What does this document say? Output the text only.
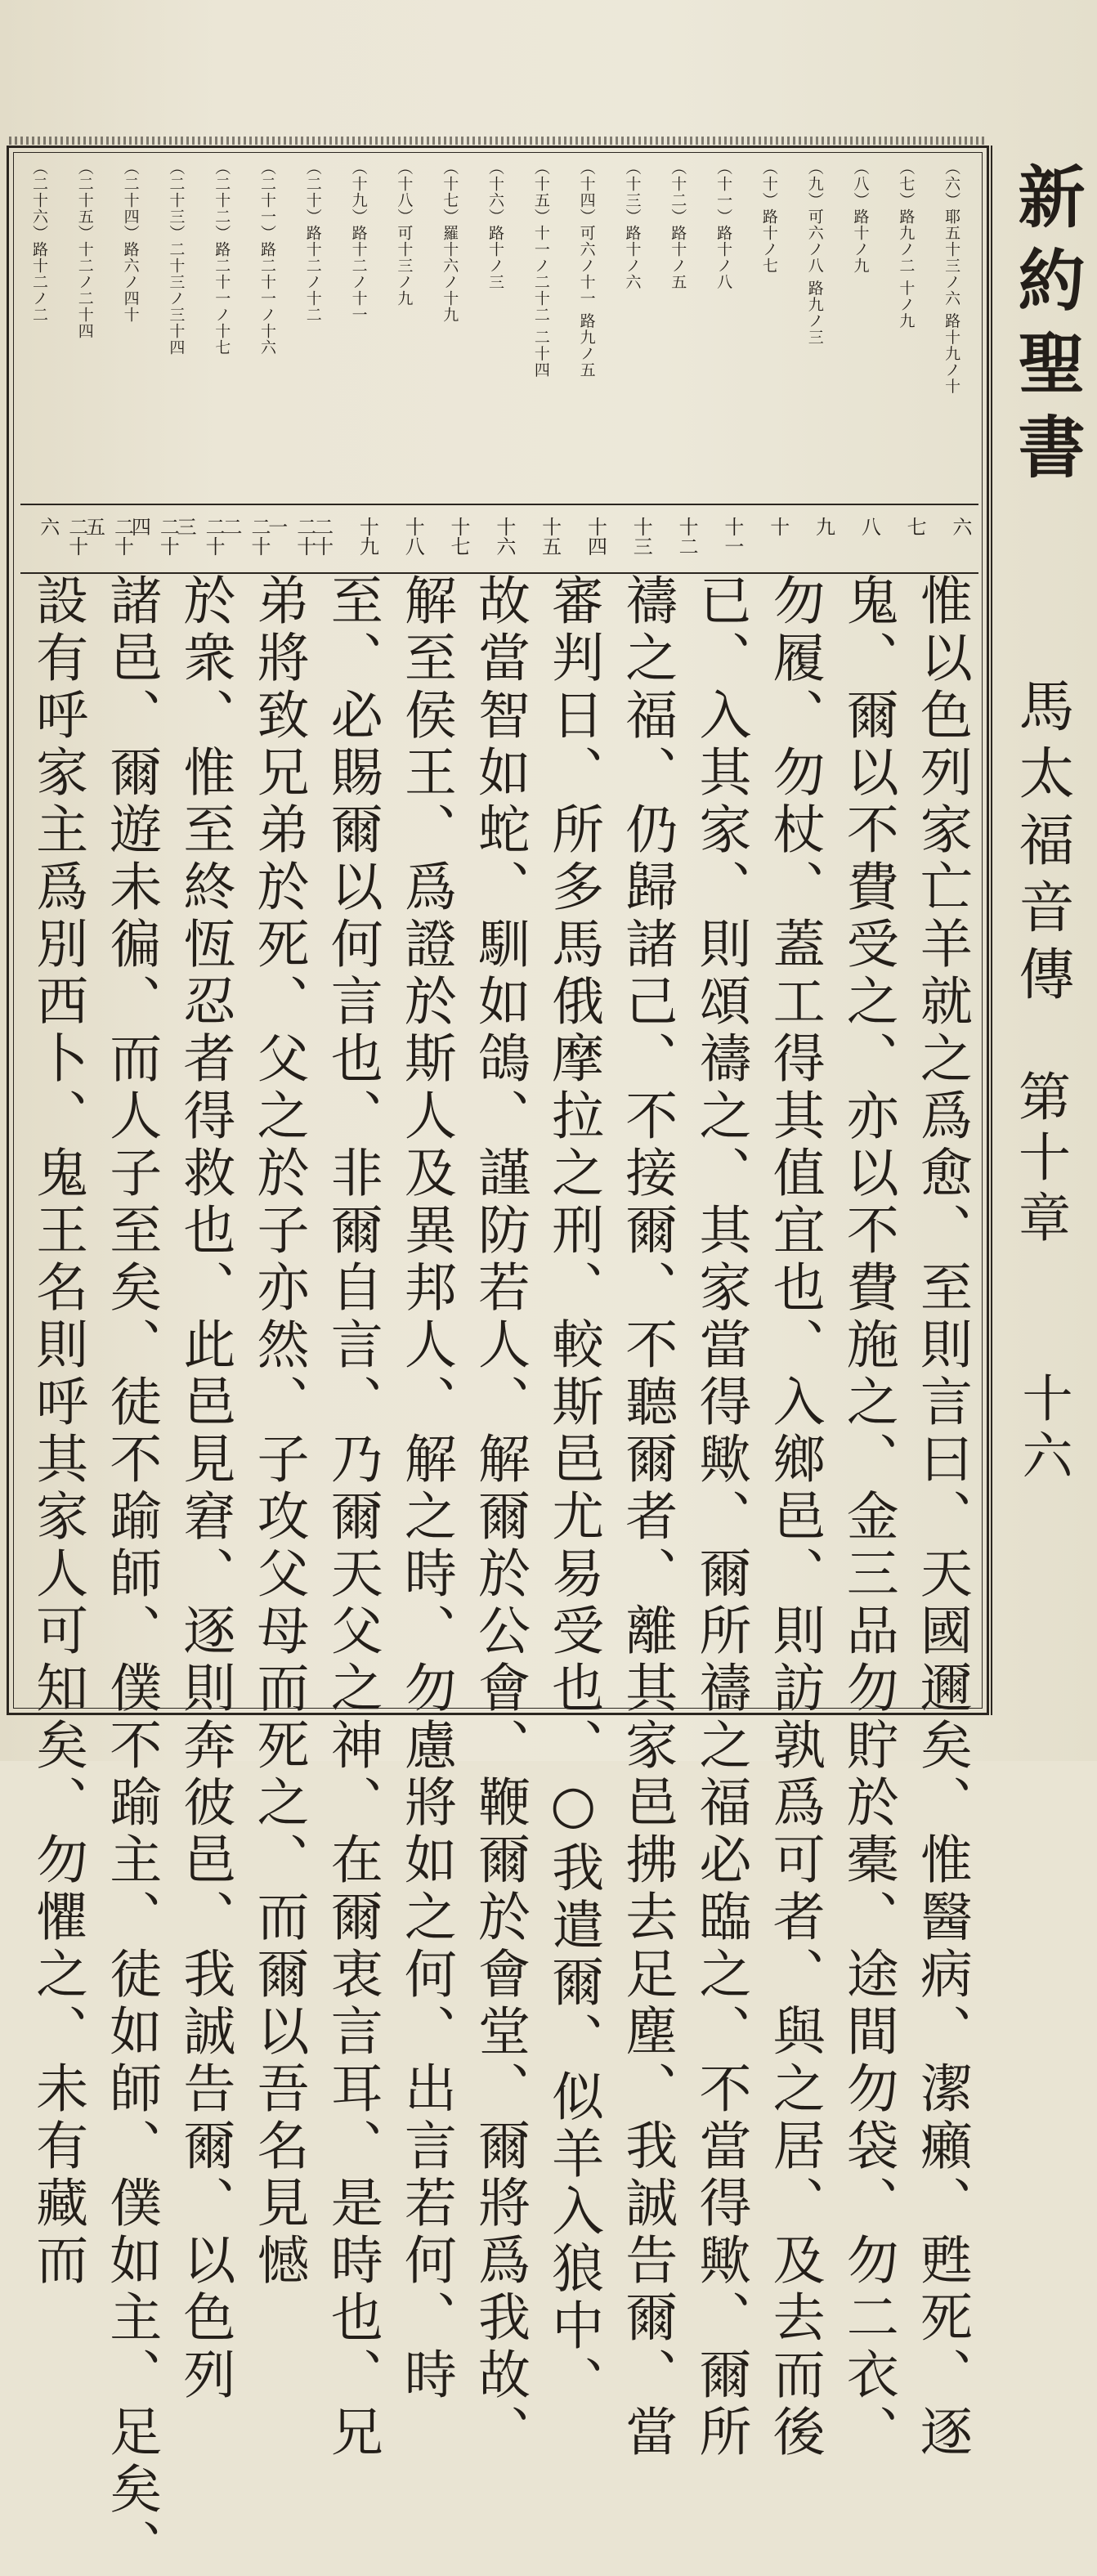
（六）耶五十三ノ六 路十九ノ十
（七）路九ノ二 十ノ九
（八）路十ノ九
（九）可六ノ八 路九ノ三
（十）路十ノ七
（十一）路十ノ八
（十二）路十ノ五
（十三）路十ノ六
（十四）可六ノ十一 路九ノ五
（十五）十一ノ二十二 二十四
（十六）路十ノ三
（十七）羅十六ノ十九
（十八）可十三ノ九
（十九）路十二ノ十一
（二十）路十二ノ十二
（二十一）路二十一ノ十六
（二十二）路二十一ノ十七
（二十三）二十三ノ三十四
（二十四）路六ノ四十
（二十五）十二ノ二十四
（二十六）路十二ノ二
六
七
八
九
十
十一
十二
十三
十四
十五
十六
十七
十八
十九
二十
二十一
二十二
二十三
二十四
二十五
二十六
惟以色列家亡羊就之爲愈、至則言曰、天國邇矣、惟醫病、潔癩、甦死、逐
鬼、爾以不費受之、亦以不費施之、金三品勿貯於橐、途間勿袋、勿二衣、
勿履、勿杖、蓋工得其值宜也、入鄉邑、則訪孰爲可者、與之居、及去而後
已、入其家、則頌禱之、其家當得歟、爾所禱之福必臨之、不當得歟、爾所
禱之福、仍歸諸己、不接爾、不聽爾者、離其家邑拂去足塵、我誠告爾、當
審判日、所多馬俄摩拉之刑、較斯邑尤易受也、○我遣爾、似羊入狼中、
故當智如蛇、馴如鴿、謹防若人、解爾於公會、鞭爾於會堂、爾將爲我故、
解至侯王、爲證於斯人及異邦人、解之時、勿慮將如之何、出言若何、時
至、必賜爾以何言也、非爾自言、乃爾天父之神、在爾衷言耳、是時也、兄
弟將致兄弟於死、父之於子亦然、子攻父母而死之、而爾以吾名見憾
於衆、惟至終恆忍者得救也、此邑見窘、逐則奔彼邑、我誠告爾、以色列
諸邑、爾遊未徧、而人子至矣、徒不踰師、僕不踰主、徒如師、僕如主、足矣、
設有呼家主爲別西卜、鬼王名則呼其家人可知矣、勿懼之、未有藏而
新約聖書
馬太福音傳
第十章
十六
